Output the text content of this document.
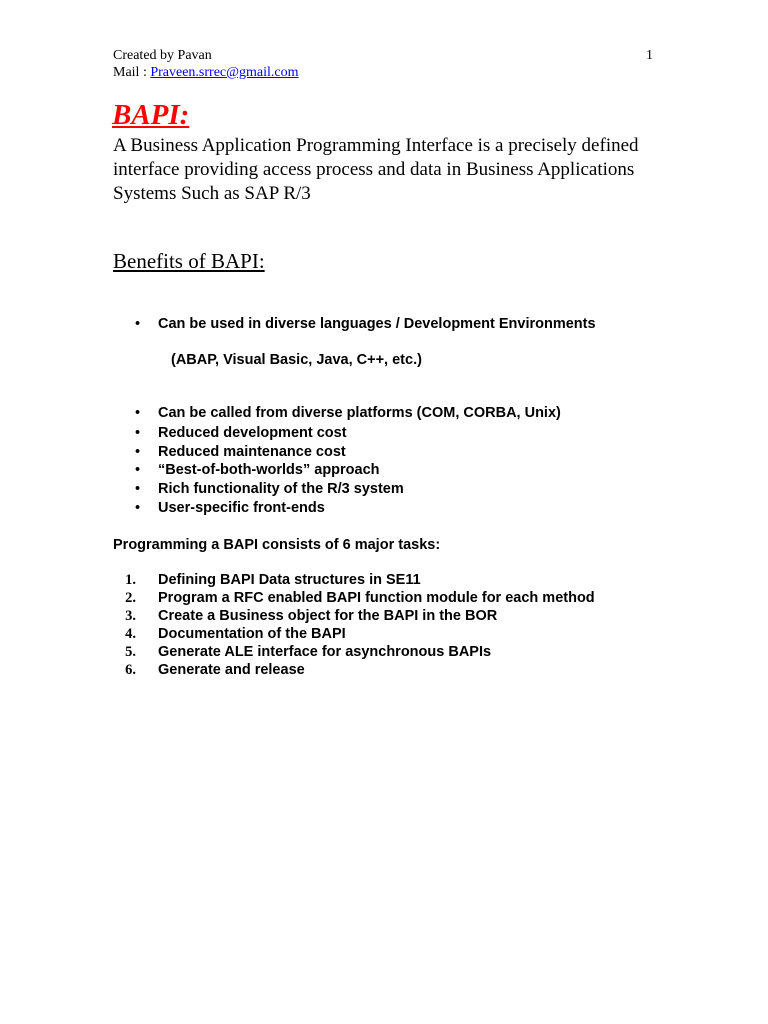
Created by Pavan	1
Mail : Praveen.srrec@gmail.com
BAPI:
A Business Application Programming Interface is a precisely defined interface providing access process and data in Business Applications Systems Such as SAP R/3
Benefits of BAPI:
•	Can be used in diverse languages / Development Environments
(ABAP, Visual Basic, Java, C++, etc.)
•	Can be called from diverse platforms (COM, CORBA, Unix)
•	Reduced development cost
•	Reduced maintenance cost
•	“Best-of-both-worlds” approach
•	Rich functionality of the R/3 system
•	User-specific front-ends
Programming a BAPI consists of 6 major tasks:
1. Defining BAPI Data structures in SE11
2. Program a RFC enabled BAPI function module for each method
3. Create a Business object for the BAPI in the BOR
4. Documentation of the BAPI
5. Generate ALE interface for asynchronous BAPIs
6. Generate and release
